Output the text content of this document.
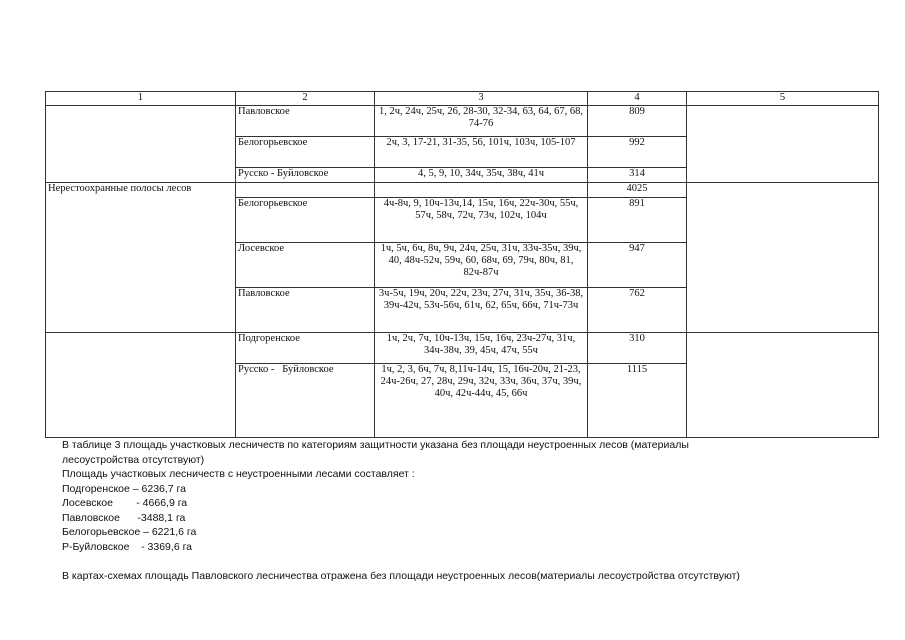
1	2	3	4	5
	Павловское	1, 2ч, 24ч, 25ч, 26, 28-30, 32-34, 63, 64, 67, 68, 74-76	809	
	Белогорьевское	2ч, 3, 17-21, 31-35, 56, 101ч, 103ч, 105-107	992	
	Русско - Буйловское	4, 5, 9, 10, 34ч, 35ч, 38ч, 41ч	314	
Нерестоохранные полосы лесов			4025	
	Белогорьевское	4ч-8ч, 9, 10ч-13ч,14, 15ч, 16ч, 22ч-30ч, 55ч, 57ч, 58ч, 72ч, 73ч, 102ч, 104ч	891	
	Лосевское	1ч, 5ч, 6ч, 8ч, 9ч, 24ч, 25ч, 31ч, 33ч-35ч, 39ч, 40, 48ч-52ч, 59ч, 60, 68ч, 69, 79ч, 80ч, 81, 82ч-87ч	947	
	Павловское	3ч-5ч, 19ч, 20ч, 22ч, 23ч, 27ч, 31ч, 35ч, 36-38, 39ч-42ч, 53ч-56ч, 61ч, 62, 65ч, 66ч, 71ч-73ч	762	
	Подгоренское	1ч, 2ч, 7ч, 10ч-13ч, 15ч, 16ч, 23ч-27ч, 31ч, 34ч-38ч, 39, 45ч, 47ч, 55ч	310	
	Русско -   Буйловское	1ч, 2, 3, 6ч, 7ч, 8,11ч-14ч, 15, 16ч-20ч, 21-23, 24ч-26ч, 27, 28ч, 29ч, 32ч, 33ч, 36ч, 37ч, 39ч, 40ч, 42ч-44ч, 45, 66ч	1115	

В таблице 3 площадь участковых лесничеств по категориям защитности указана без площади неустроенных лесов (материалы

лесоустройства отсутствуют)

Площадь участковых лесничеств с неустроенными лесами составляет :

Подгоренское – 6236,7 га

Лосевское        - 4666,9 га

Павловское      -3488,1 га

Белогорьевское – 6221,6 га

Р-Буйловское    - 3369,6 га

В картах-схемах площадь Павловского лесничества отражена без площади неустроенных лесов(материалы лесоустройства отсутствуют)
